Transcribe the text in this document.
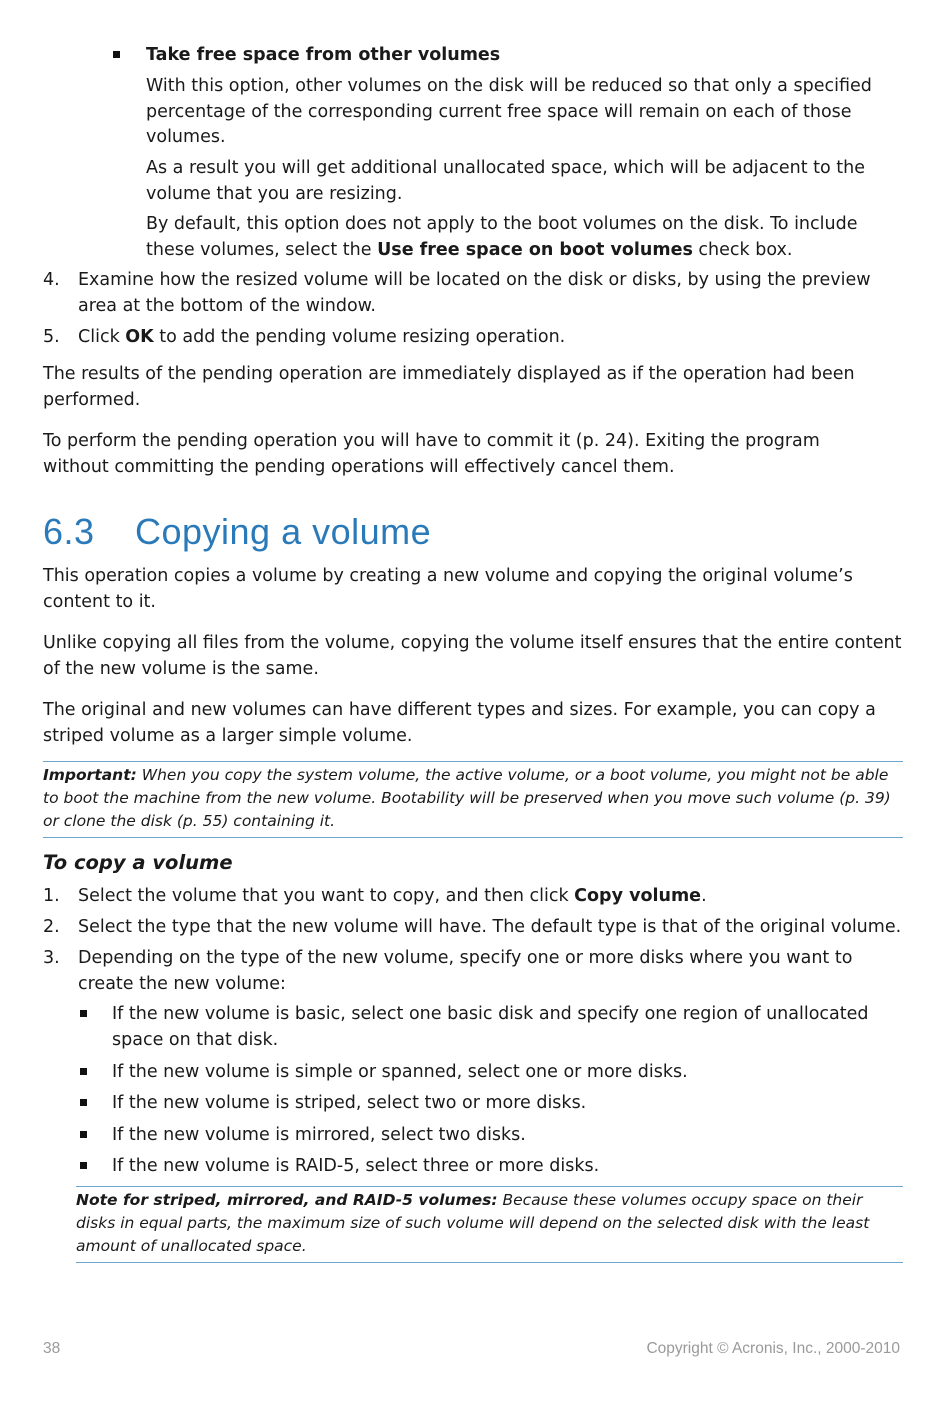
Take free space from other volumes

With this option, other volumes on the disk will be reduced so that only a specified percentage of the corresponding current free space will remain on each of those volumes.

As a result you will get additional unallocated space, which will be adjacent to the volume that you are resizing.

By default, this option does not apply to the boot volumes on the disk. To include these volumes, select the Use free space on boot volumes check box.

4. Examine how the resized volume will be located on the disk or disks, by using the preview area at the bottom of the window.

5. Click OK to add the pending volume resizing operation.

The results of the pending operation are immediately displayed as if the operation had been performed.

To perform the pending operation you will have to commit it (p. 24). Exiting the program without committing the pending operations will effectively cancel them.

6.3 Copying a volume

This operation copies a volume by creating a new volume and copying the original volume’s content to it.

Unlike copying all files from the volume, copying the volume itself ensures that the entire content of the new volume is the same.

The original and new volumes can have different types and sizes. For example, you can copy a striped volume as a larger simple volume.

Important: When you copy the system volume, the active volume, or a boot volume, you might not be able to boot the machine from the new volume. Bootability will be preserved when you move such volume (p. 39) or clone the disk (p. 55) containing it.

To copy a volume

1. Select the volume that you want to copy, and then click Copy volume.

2. Select the type that the new volume will have. The default type is that of the original volume.

3. Depending on the type of the new volume, specify one or more disks where you want to create the new volume:

If the new volume is basic, select one basic disk and specify one region of unallocated space on that disk.

If the new volume is simple or spanned, select one or more disks.

If the new volume is striped, select two or more disks.

If the new volume is mirrored, select two disks.

If the new volume is RAID-5, select three or more disks.

Note for striped, mirrored, and RAID-5 volumes: Because these volumes occupy space on their disks in equal parts, the maximum size of such volume will depend on the selected disk with the least amount of unallocated space.
38	Copyright © Acronis, Inc., 2000-2010
